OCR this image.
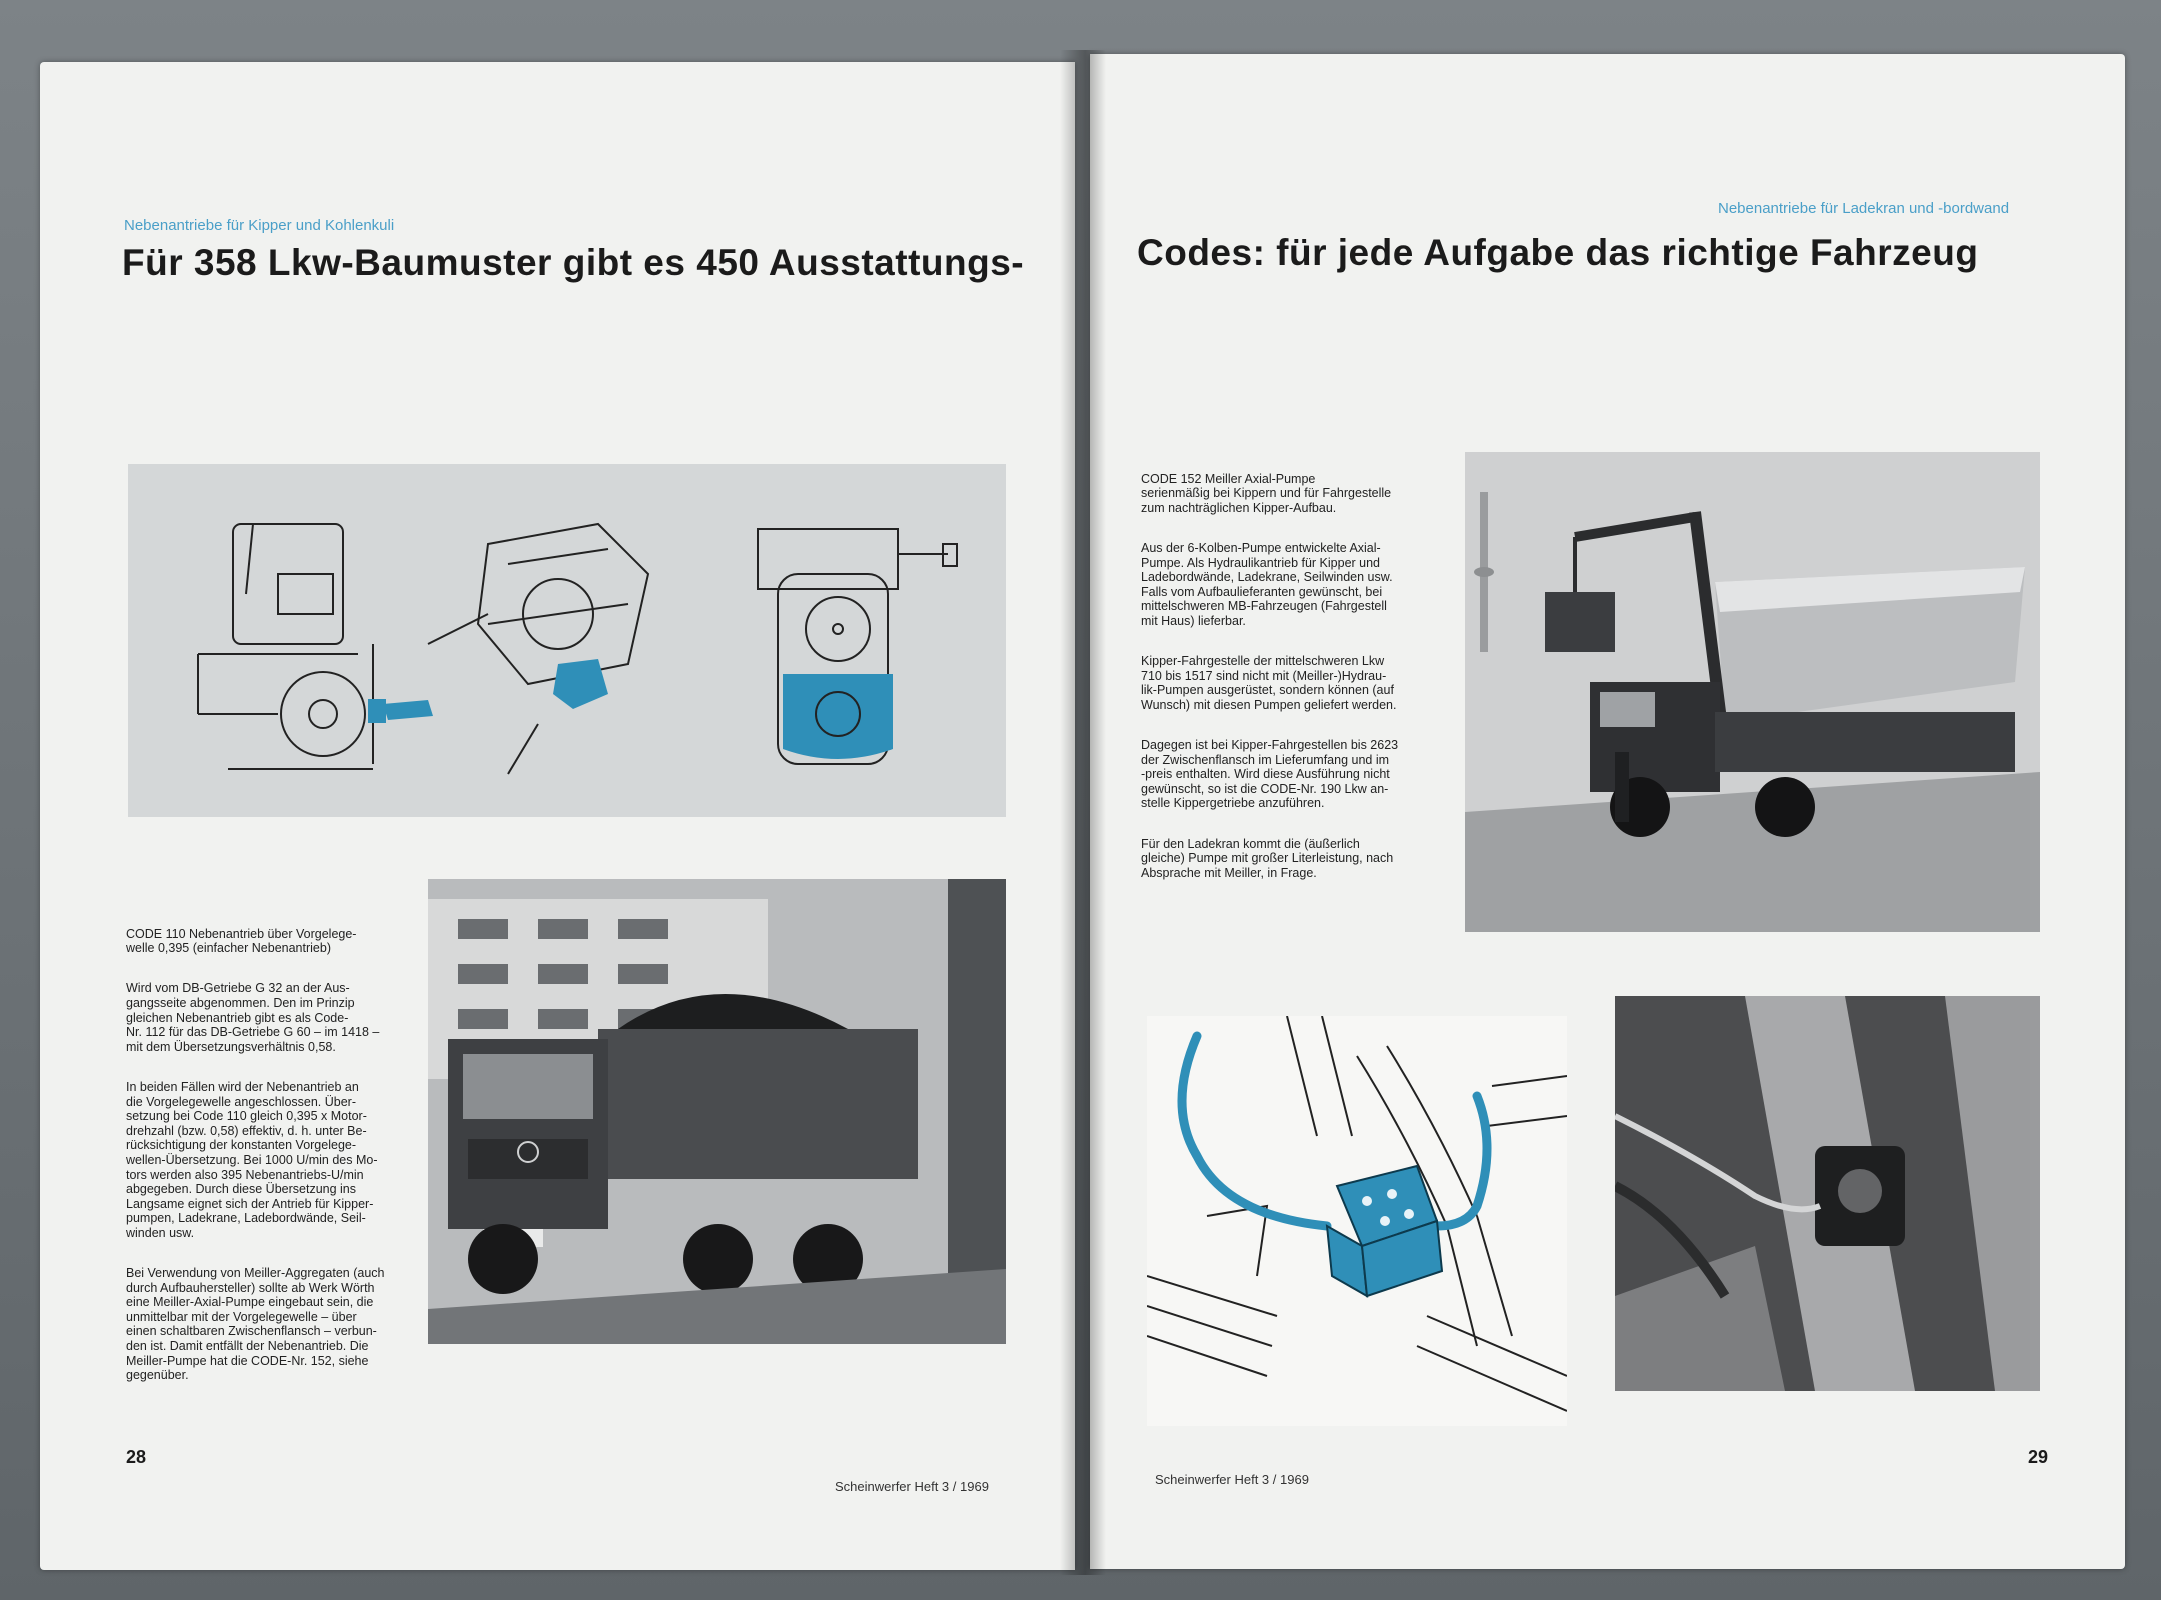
Nebenantriebe für Kipper und Kohlenkuli
Für 358 Lkw-Baumuster gibt es 450 Ausstattungs-

CODE 110 Nebenantrieb über Vorgelege-
welle 0,395 (einfacher Nebenantrieb)

Wird vom DB-Getriebe G 32 an der Aus-
gangsseite abgenommen. Den im Prinzip
gleichen Nebenantrieb gibt es als Code-
Nr. 112 für das DB-Getriebe G 60 – im 1418 –
mit dem Übersetzungsverhältnis 0,58.

In beiden Fällen wird der Nebenantrieb an
die Vorgelegewelle angeschlossen. Über-
setzung bei Code 110 gleich 0,395 x Motor-
drehzahl (bzw. 0,58) effektiv, d. h. unter Be-
rücksichtigung der konstanten Vorgelege-
wellen-Übersetzung. Bei 1000 U/min des Mo-
tors werden also 395 Nebenantriebs-U/min
abgegeben. Durch diese Übersetzung ins
Langsame eignet sich der Antrieb für Kipper-
pumpen, Ladekrane, Ladebordwände, Seil-
winden usw.

Bei Verwendung von Meiller-Aggregaten (auch
durch Aufbauhersteller) sollte ab Werk Wörth
eine Meiller-Axial-Pumpe eingebaut sein, die
unmittelbar mit der Vorgelegewelle – über
einen schaltbaren Zwischenflansch – verbun-
den ist. Damit entfällt der Nebenantrieb. Die
Meiller-Pumpe hat die CODE-Nr. 152, siehe
gegenüber.

28
Scheinwerfer Heft 3 / 1969
Nebenantriebe für Ladekran und -bordwand
Codes: für jede Aufgabe das richtige Fahrzeug

CODE 152 Meiller Axial-Pumpe
serienmäßig bei Kippern und für Fahrgestelle
zum nachträglichen Kipper-Aufbau.

Aus der 6-Kolben-Pumpe entwickelte Axial-
Pumpe. Als Hydraulikantrieb für Kipper und
Ladebordwände, Ladekrane, Seilwinden usw.
Falls vom Aufbaulieferanten gewünscht, bei
mittelschweren MB-Fahrzeugen (Fahrgestell
mit Haus) lieferbar.

Kipper-Fahrgestelle der mittelschweren Lkw
710 bis 1517 sind nicht mit (Meiller-)Hydrau-
lik-Pumpen ausgerüstet, sondern können (auf
Wunsch) mit diesen Pumpen geliefert werden.

Dagegen ist bei Kipper-Fahrgestellen bis 2623
der Zwischenflansch im Lieferumfang und im
-preis enthalten. Wird diese Ausführung nicht
gewünscht, so ist die CODE-Nr. 190 Lkw an-
stelle Kippergetriebe anzuführen.

Für den Ladekran kommt die (äußerlich
gleiche) Pumpe mit großer Literleistung, nach
Absprache mit Meiller, in Frage.

Scheinwerfer Heft 3 / 1969
29
